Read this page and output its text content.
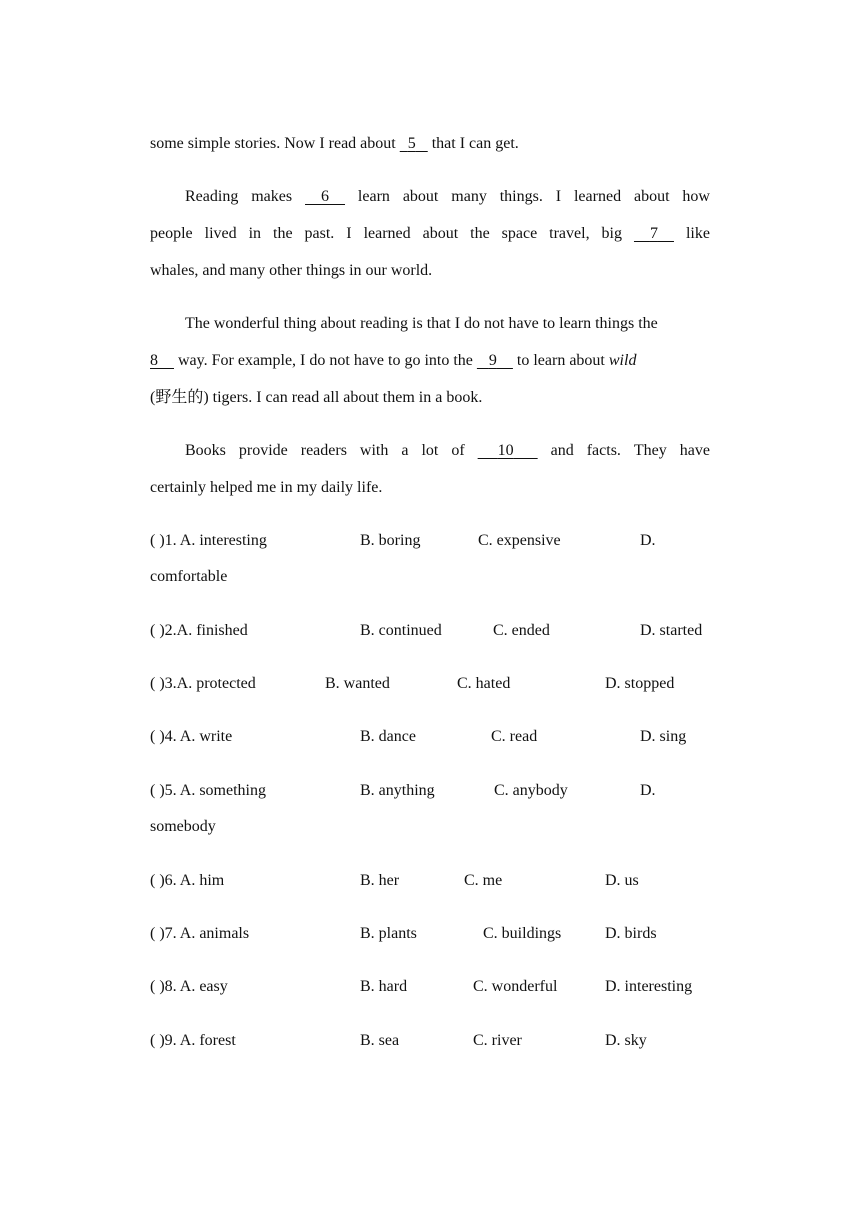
some simple stories. Now I read about 5 that I can get.
Reading makes	6	learn about many things. I learned about how
people lived in the past. I learned about the space travel, big	7	like
whales, and many other things in our world.
The wonderful thing about reading is that I do not have to learn things the
8 way. For example, I do not have to go into the 9 to learn about wild
(野生的) tigers. I can read all about them in a book.
Books provide readers with a lot of	10	and facts. They have
certainly helped me in my daily life.
( )1. A. interesting	B. boring	C. expensive	D.
comfortable
( )2.A. finished	B. continued	C. ended	D. started
( )3.A. protected	B. wanted	C. hated	D. stopped
( )4. A. write	B. dance	C. read	D. sing
( )5. A. something	B. anything	C. anybody	D.
somebody
( )6. A. him	B. her	C. me	D. us
( )7. A. animals	B. plants	C. buildings	D. birds
( )8. A. easy	B. hard	C. wonderful	D. interesting
( )9. A. forest	B. sea	C. river	D. sky
